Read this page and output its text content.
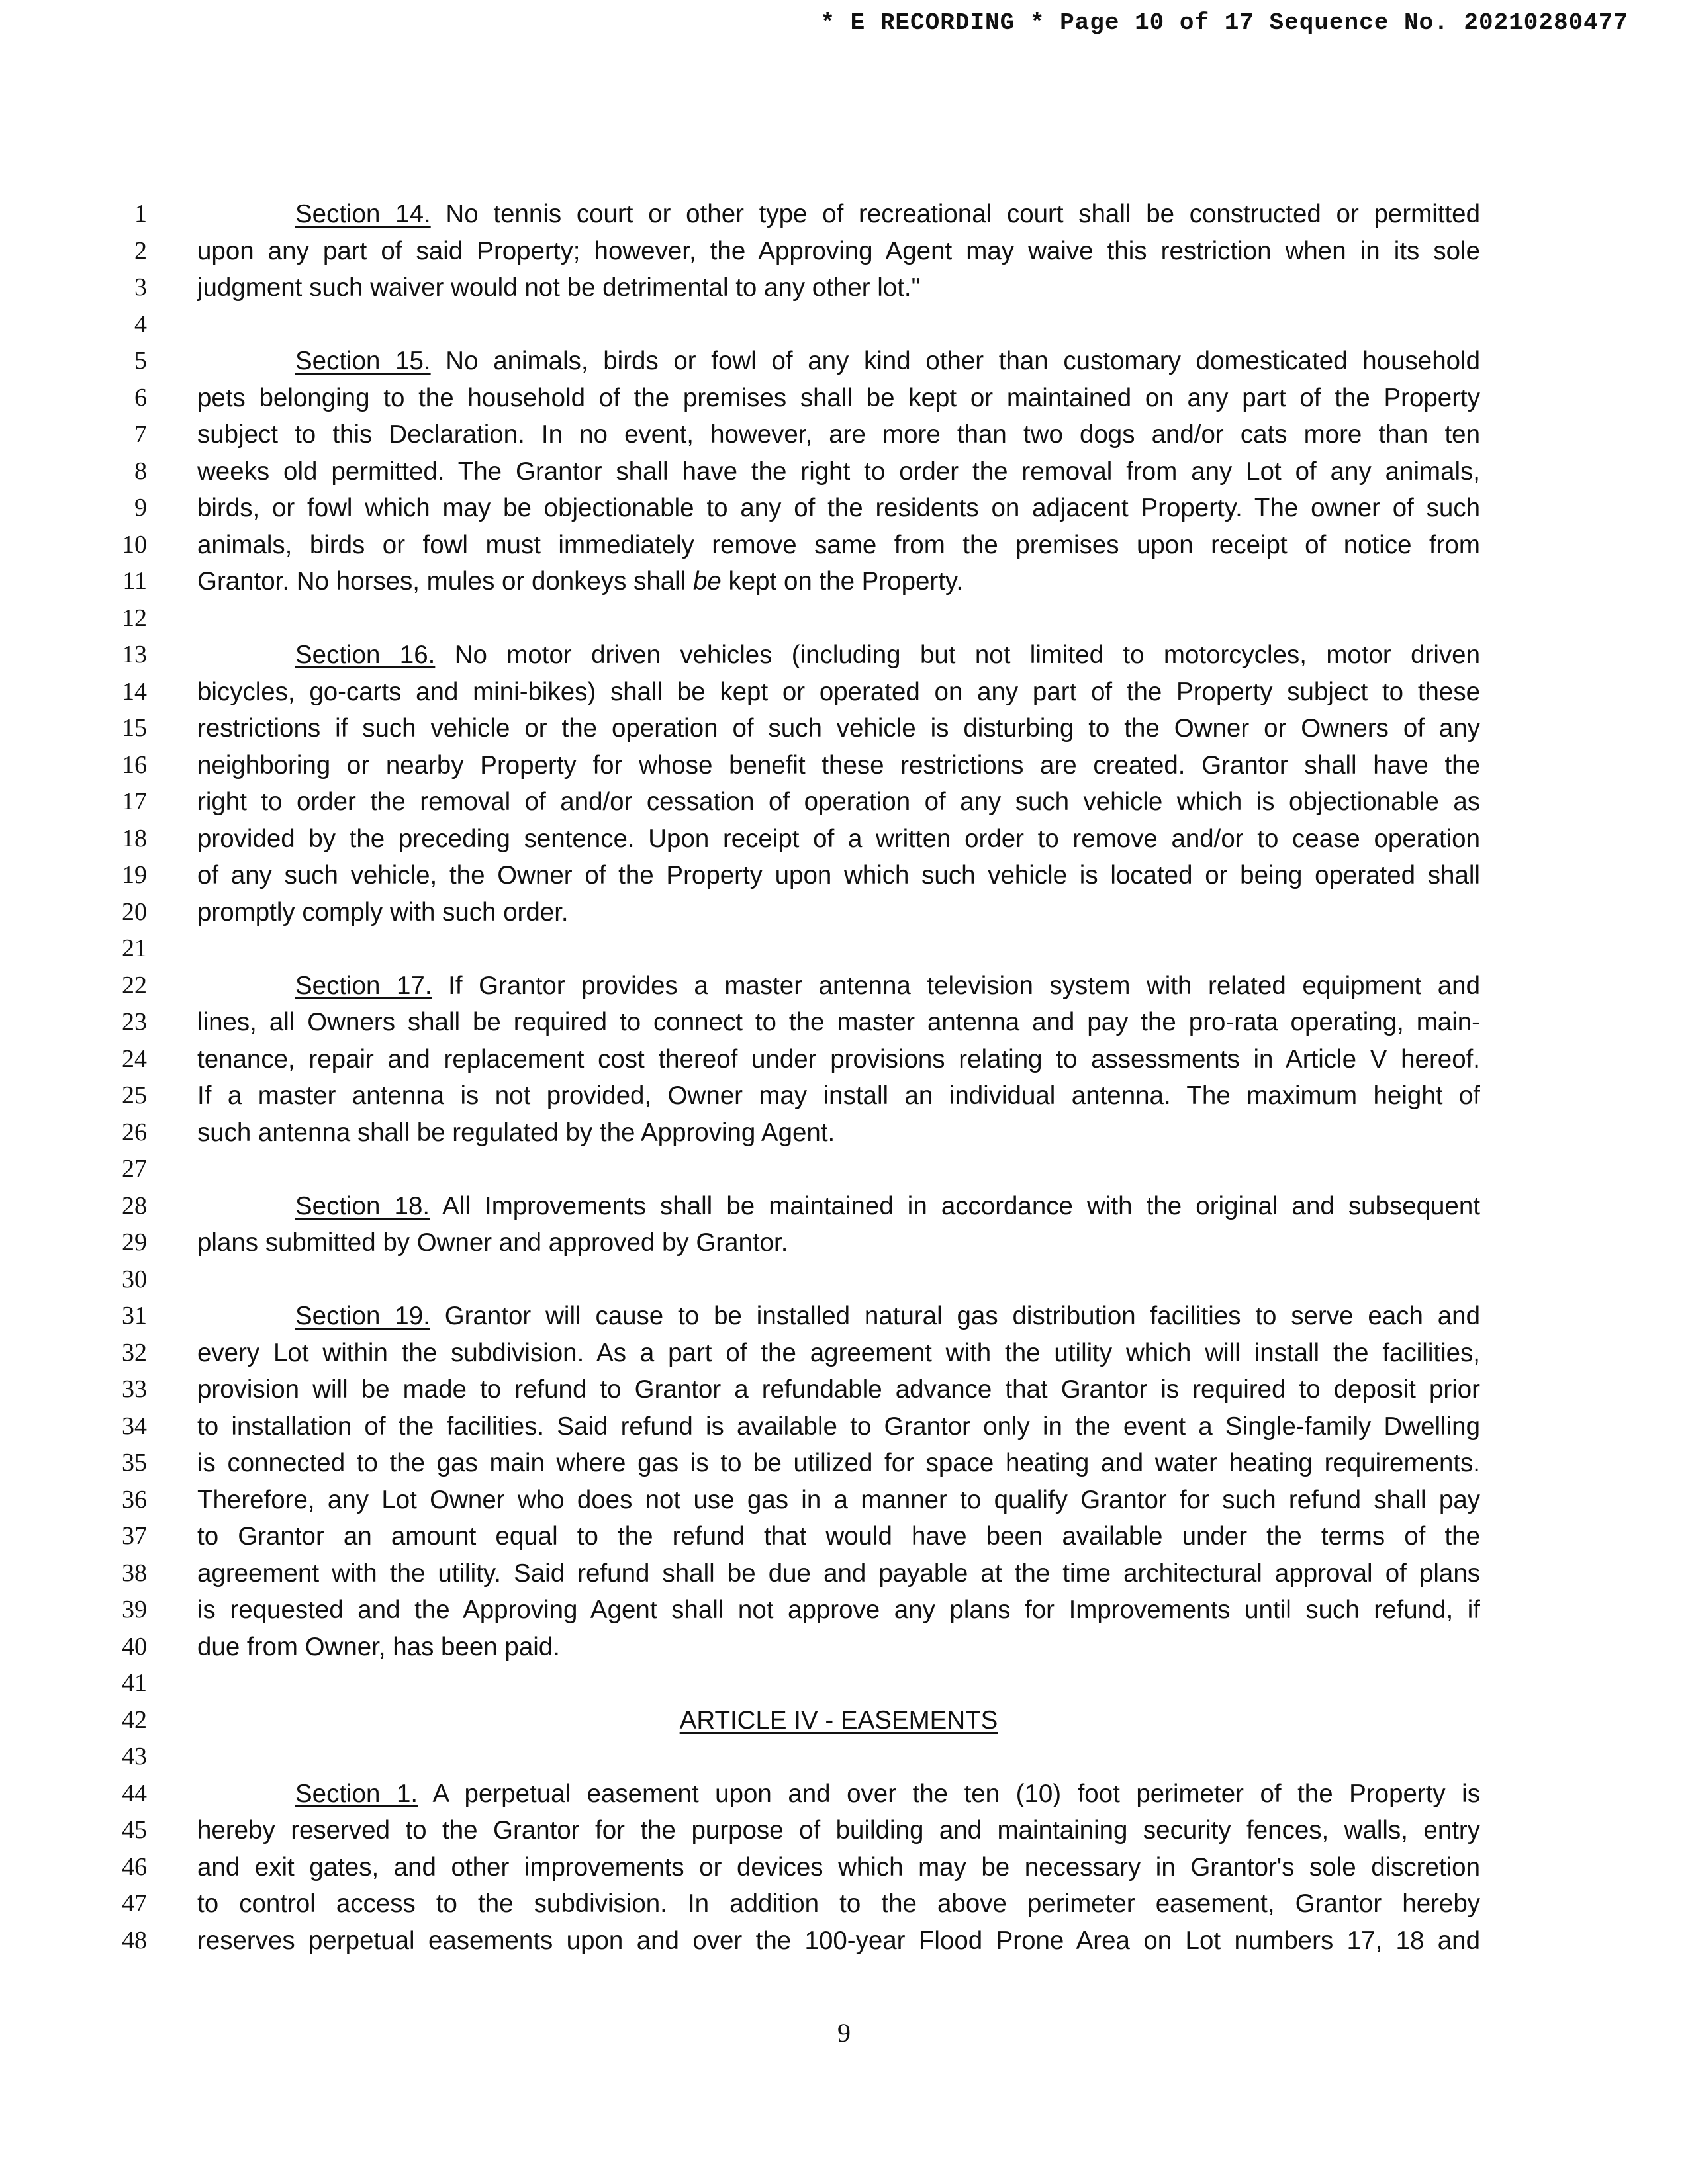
* E RECORDING * Page 10 of 17 Sequence No. 20210280477
1	Section 14. No tennis court or other type of recreational court shall be constructed or permitted
2 upon any part of said Property; however, the Approving Agent may waive this restriction when in its sole
3 judgment such waiver would not be detrimental to any other lot."
4
5	Section 15. No animals, birds or fowl of any kind other than customary domesticated household
6 pets belonging to the household of the premises shall be kept or maintained on any part of the Property
7 subject to this Declaration. In no event, however, are more than two dogs and/or cats more than ten
8 weeks old permitted. The Grantor shall have the right to order the removal from any Lot of any animals,
9 birds, or fowl which may be objectionable to any of the residents on adjacent Property. The owner of such
10 animals, birds or fowl must immediately remove same from the premises upon receipt of notice from
11 Grantor. No horses, mules or donkeys shall be kept on the Property.
12
13	Section 16. No motor driven vehicles (including but not limited to motorcycles, motor driven
14 bicycles, go-carts and mini-bikes) shall be kept or operated on any part of the Property subject to these
15 restrictions if such vehicle or the operation of such vehicle is disturbing to the Owner or Owners of any
16 neighboring or nearby Property for whose benefit these restrictions are created. Grantor shall have the
17 right to order the removal of and/or cessation of operation of any such vehicle which is objectionable as
18 provided by the preceding sentence. Upon receipt of a written order to remove and/or to cease operation
19 of any such vehicle, the Owner of the Property upon which such vehicle is located or being operated shall
20 promptly comply with such order.
21
22	Section 17. If Grantor provides a master antenna television system with related equipment and
23 lines, all Owners shall be required to connect to the master antenna and pay the pro-rata operating, main-
24 tenance, repair and replacement cost thereof under provisions relating to assessments in Article V hereof.
25 If a master antenna is not provided, Owner may install an individual antenna. The maximum height of
26 such antenna shall be regulated by the Approving Agent.
27
28	Section 18. All Improvements shall be maintained in accordance with the original and subsequent
29 plans submitted by Owner and approved by Grantor.
30
31	Section 19. Grantor will cause to be installed natural gas distribution facilities to serve each and
32 every Lot within the subdivision. As a part of the agreement with the utility which will install the facilities,
33 provision will be made to refund to Grantor a refundable advance that Grantor is required to deposit prior
34 to installation of the facilities. Said refund is available to Grantor only in the event a Single-family Dwelling
35 is connected to the gas main where gas is to be utilized for space heating and water heating requirements.
36 Therefore, any Lot Owner who does not use gas in a manner to qualify Grantor for such refund shall pay
37 to Grantor an amount equal to the refund that would have been available under the terms of the
38 agreement with the utility. Said refund shall be due and payable at the time architectural approval of plans
39 is requested and the Approving Agent shall not approve any plans for Improvements until such refund, if
40 due from Owner, has been paid.
41
42	ARTICLE IV - EASEMENTS
43
44	Section 1. A perpetual easement upon and over the ten (10) foot perimeter of the Property is
45 hereby reserved to the Grantor for the purpose of building and maintaining security fences, walls, entry
46 and exit gates, and other improvements or devices which may be necessary in Grantor's sole discretion
47 to control access to the subdivision. In addition to the above perimeter easement, Grantor hereby
48 reserves perpetual easements upon and over the 100-year Flood Prone Area on Lot numbers 17, 18 and
9
